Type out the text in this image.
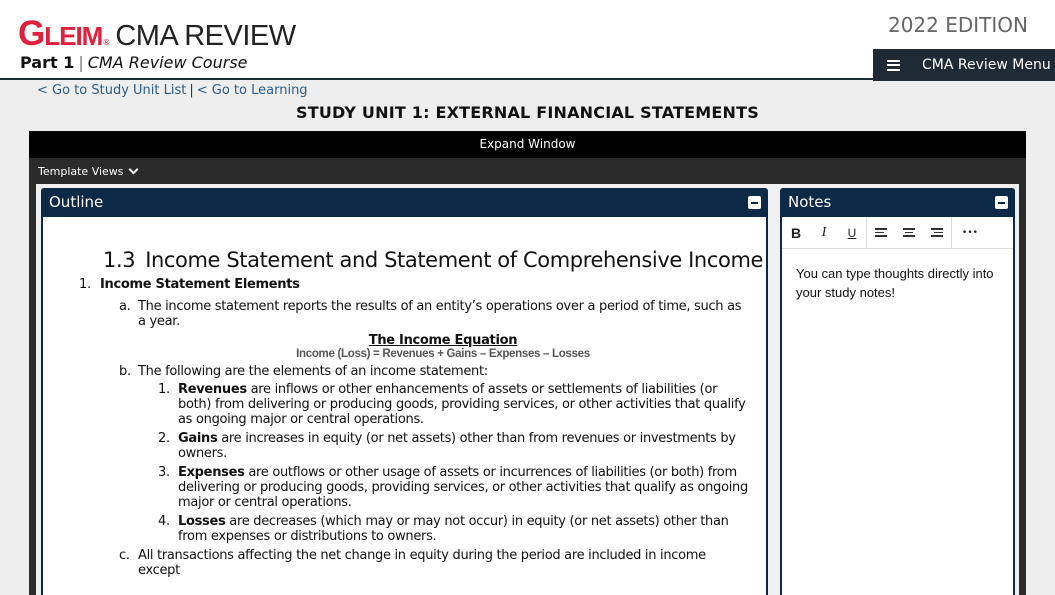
GLEIM ® CMA REVIEW
Part 1 | CMA Review Course
2022 EDITION
CMA Review Menu
< Go to Study Unit List | < Go to Learning
STUDY UNIT 1: EXTERNAL FINANCIAL STATEMENTS
Expand Window
Template Views
Outline
1.3 Income Statement and Statement of Comprehensive Income
1. Income Statement Elements
a. The income statement reports the results of an entity’s operations over a period of time, such as a year.
The Income Equation
Income (Loss) = Revenues + Gains – Expenses – Losses
b. The following are the elements of an income statement:
1. Revenues are inflows or other enhancements of assets or settlements of liabilities (or both) from delivering or producing goods, providing services, or other activities that qualify as ongoing major or central operations.
2. Gains are increases in equity (or net assets) other than from revenues or investments by owners.
3. Expenses are outflows or other usage of assets or incurrences of liabilities (or both) from delivering or producing goods, providing services, or other activities that qualify as ongoing major or central operations.
4. Losses are decreases (which may or may not occur) in equity (or net assets) other than from expenses or distributions to owners.
c. All transactions affecting the net change in equity during the period are included in income except
Notes
B	I	U	•••
You can type thoughts directly into your study notes!
